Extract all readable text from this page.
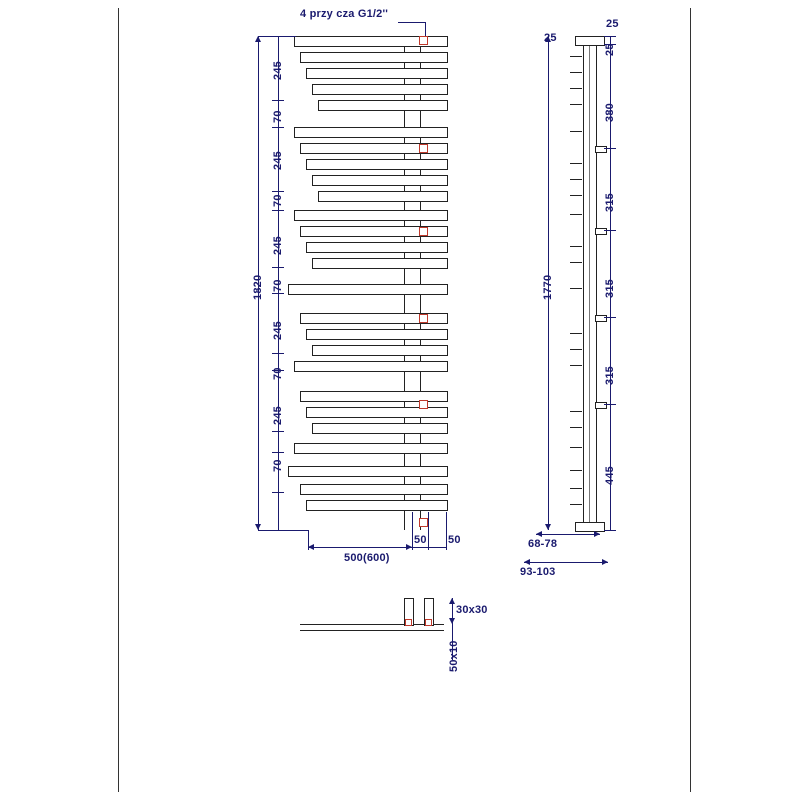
1820
245
70
245
70
245
70
245
70
245
70
500(600)
50 50
4 przy cza G1/2''
1770
25
380
315
315
315
445
25
25
68-78
93-103
30x30
50x10
